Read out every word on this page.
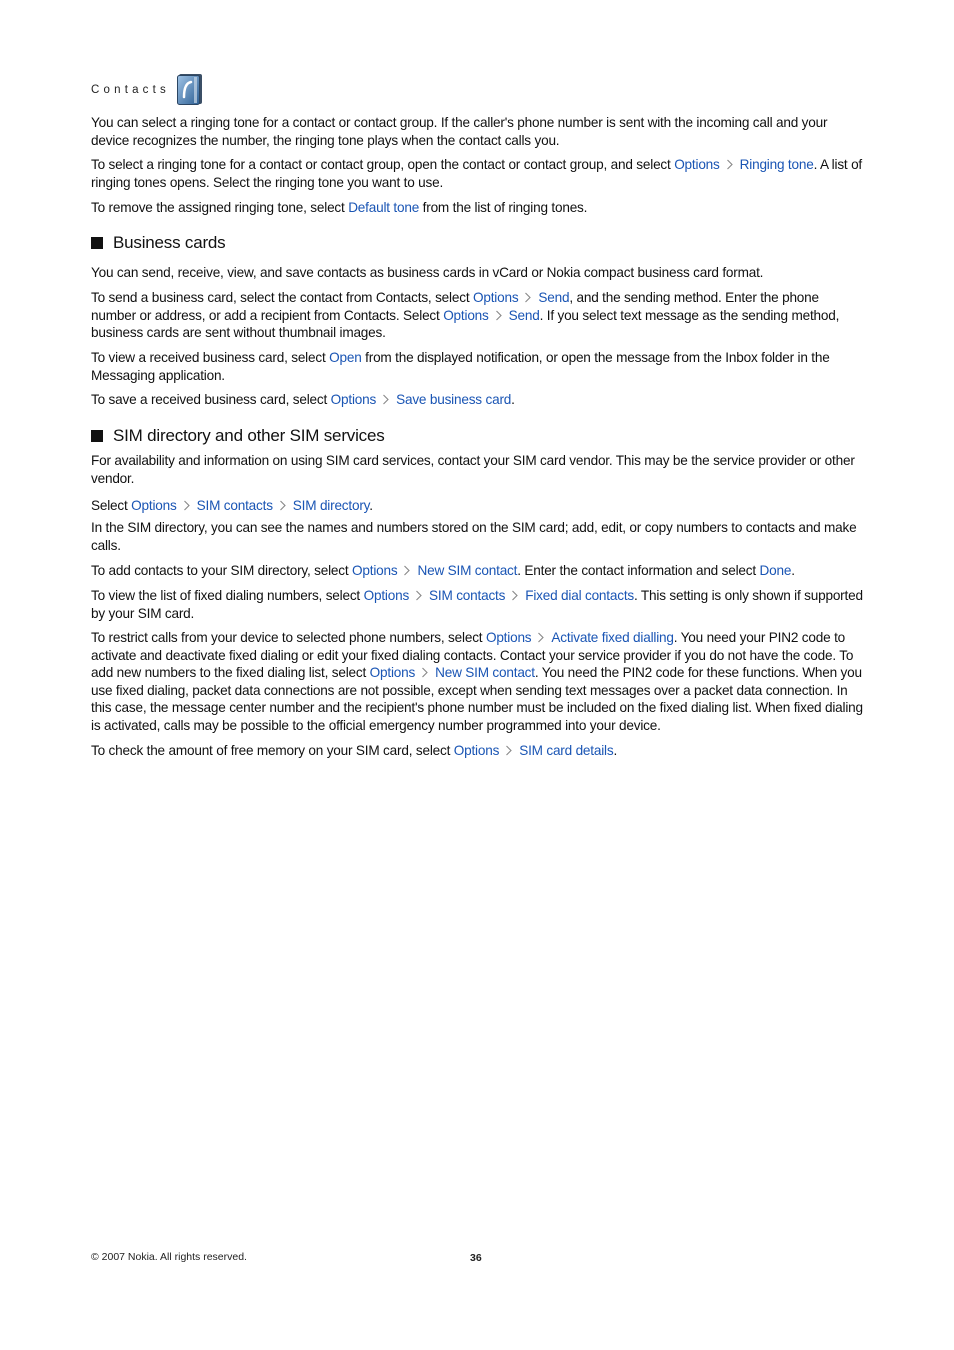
Contacts

You can select a ringing tone for a contact or contact group. If the caller's phone number is sent with the incoming call and your device recognizes the number, the ringing tone plays when the contact calls you.

To select a ringing tone for a contact or contact group, open the contact or contact group, and select Options Ringing tone. A list of ringing tones opens. Select the ringing tone you want to use.

To remove the assigned ringing tone, select Default tone from the list of ringing tones.

Business cards

You can send, receive, view, and save contacts as business cards in vCard or Nokia compact business card format.

To send a business card, select the contact from Contacts, select Options Send, and the sending method. Enter the phone number or address, or add a recipient from Contacts. Select Options Send. If you select text message as the sending method, business cards are sent without thumbnail images.

To view a received business card, select Open from the displayed notification, or open the message from the Inbox folder in the Messaging application.

To save a received business card, select Options Save business card.

SIM directory and other SIM services

For availability and information on using SIM card services, contact your SIM card vendor. This may be the service provider or other vendor.

Select Options SIM contacts SIM directory.

In the SIM directory, you can see the names and numbers stored on the SIM card; add, edit, or copy numbers to contacts and make calls.

To add contacts to your SIM directory, select Options New SIM contact. Enter the contact information and select Done.

To view the list of fixed dialing numbers, select Options SIM contacts Fixed dial contacts. This setting is only shown if supported by your SIM card.

To restrict calls from your device to selected phone numbers, select Options Activate fixed dialling. You need your PIN2 code to activate and deactivate fixed dialing or edit your fixed dialing contacts. Contact your service provider if you do not have the code. To add new numbers to the fixed dialing list, select Options New SIM contact. You need the PIN2 code for these functions. When you use fixed dialing, packet data connections are not possible, except when sending text messages over a packet data connection. In this case, the message center number and the recipient's phone number must be included on the fixed dialing list. When fixed dialing is activated, calls may be possible to the official emergency number programmed into your device.

To check the amount of free memory on your SIM card, select Options SIM card details.

© 2007 Nokia. All rights reserved.	36
